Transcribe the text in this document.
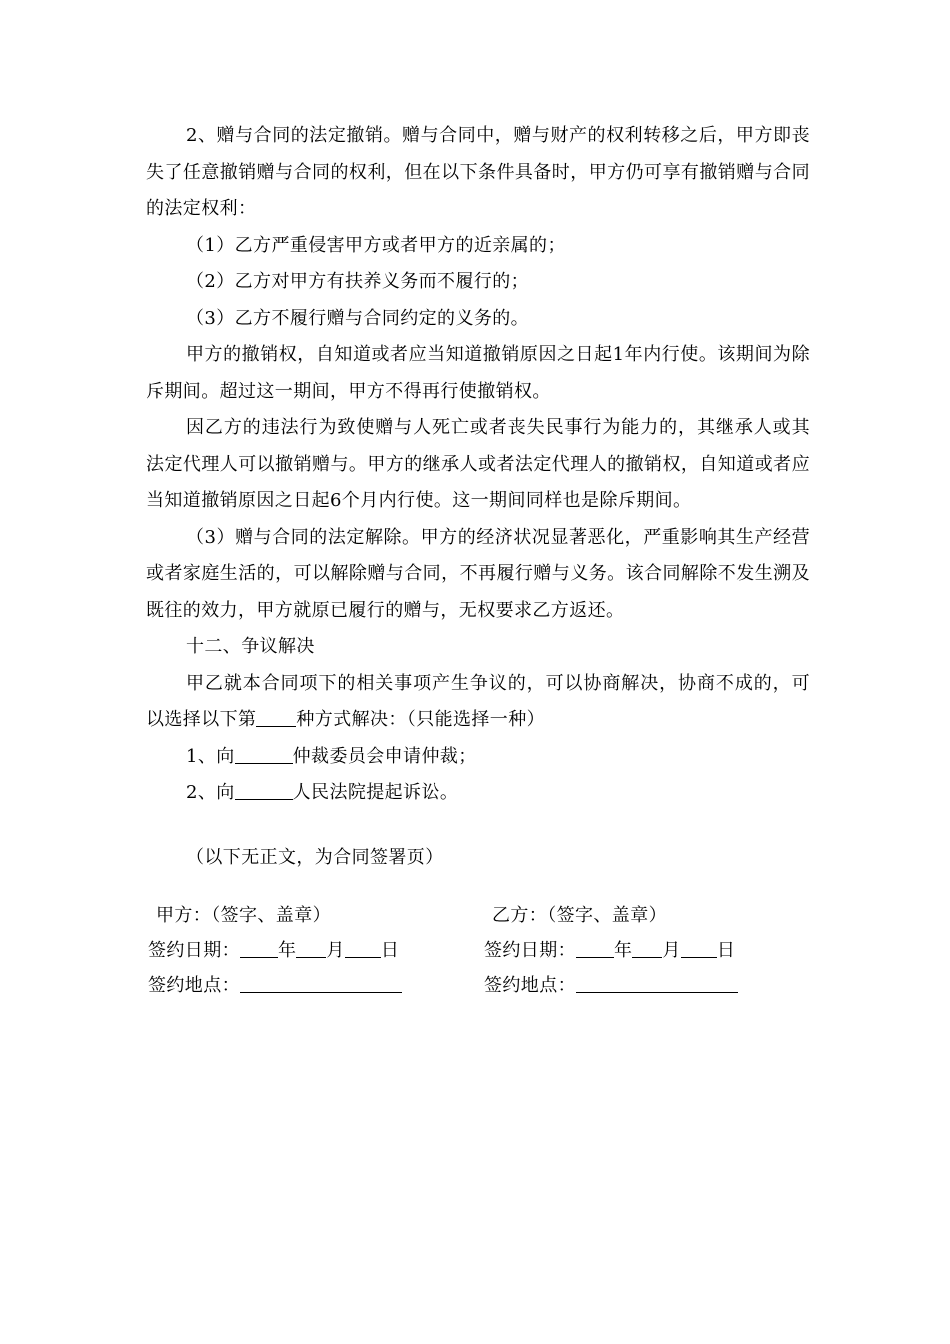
2、赠与合同的法定撤销。赠与合同中，赠与财产的权利转移之后，甲方即丧失了任意撤销赠与合同的权利，但在以下条件具备时，甲方仍可享有撤销赠与合同的法定权利：

（1）乙方严重侵害甲方或者甲方的近亲属的；

（2）乙方对甲方有扶养义务而不履行的；

（3）乙方不履行赠与合同约定的义务的。

甲方的撤销权，自知道或者应当知道撤销原因之日起1年内行使。该期间为除斥期间。超过这一期间，甲方不得再行使撤销权。

因乙方的违法行为致使赠与人死亡或者丧失民事行为能力的，其继承人或其法定代理人可以撤销赠与。甲方的继承人或者法定代理人的撤销权，自知道或者应当知道撤销原因之日起6个月内行使。这一期间同样也是除斥期间。

（3）赠与合同的法定解除。甲方的经济状况显著恶化，严重影响其生产经营或者家庭生活的，可以解除赠与合同，不再履行赠与义务。该合同解除不发生溯及既往的效力，甲方就原已履行的赠与，无权要求乙方返还。

十二、争议解决

甲乙就本合同项下的相关事项产生争议的，可以协商解决，协商不成的，可以选择以下第 种方式解决：（只能选择一种）

1、向	仲裁委员会申请仲裁；

2、向	人民法院提起诉讼。

（以下无正文，为合同签署页）
甲方：（签字、盖章）
签约日期： 年 月 日
签约地点：
乙方：（签字、盖章）
签约日期： 年 月 日
签约地点：
